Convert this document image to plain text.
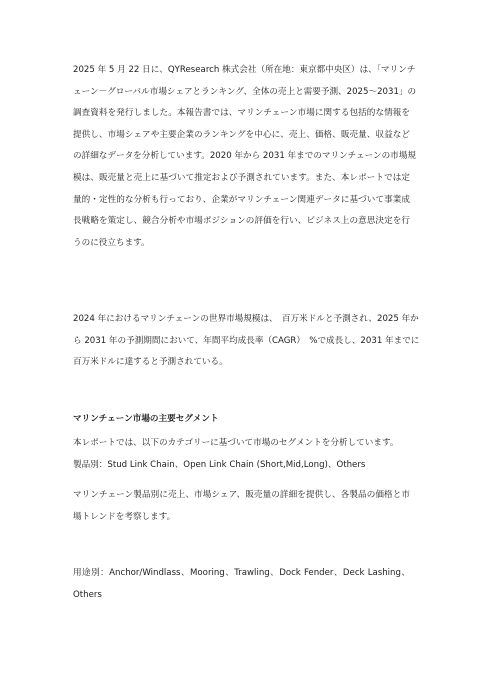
2025 年 5 月 22 日に、QYResearch 株式会社（所在地：東京都中央区）は、「マリンチ
ェーン－グローバル市場シェアとランキング、全体の売上と需要予測、2025～2031」の
調査資料を発行しました。本報告書では、マリンチェーン市場に関する包括的な情報を
提供し、市場シェアや主要企業のランキングを中心に、売上、価格、販売量、収益など
の詳細なデータを分析しています。2020 年から 2031 年までのマリンチェーンの市場規
模は、販売量と売上に基づいて推定および予測されています。また、本レポートでは定
量的・定性的な分析も行っており、企業がマリンチェーン関連データに基づいて事業成
長戦略を策定し、競合分析や市場ポジションの評価を行い、ビジネス上の意思決定を行
うのに役立ちます。
2024 年におけるマリンチェーンの世界市場規模は、　百万米ドルと予測され、2025 年か
ら 2031 年の予測期間において、年間平均成長率（CAGR）　%で成長し、2031 年までに
百万米ドルに達すると予測されている。

マリンチェーン市場の主要セグメント

本レポートでは、以下のカテゴリーに基づいて市場のセグメントを分析しています。

製品別：Stud Link Chain、Open Link Chain (Short,Mid,Long)、Others

マリンチェーン製品別に売上、市場シェア、販売量の詳細を提供し、各製品の価格と市
場トレンドを考察します。
用途別：Anchor/Windlass、Mooring、Trawling、Dock Fender、Deck Lashing、
Others
